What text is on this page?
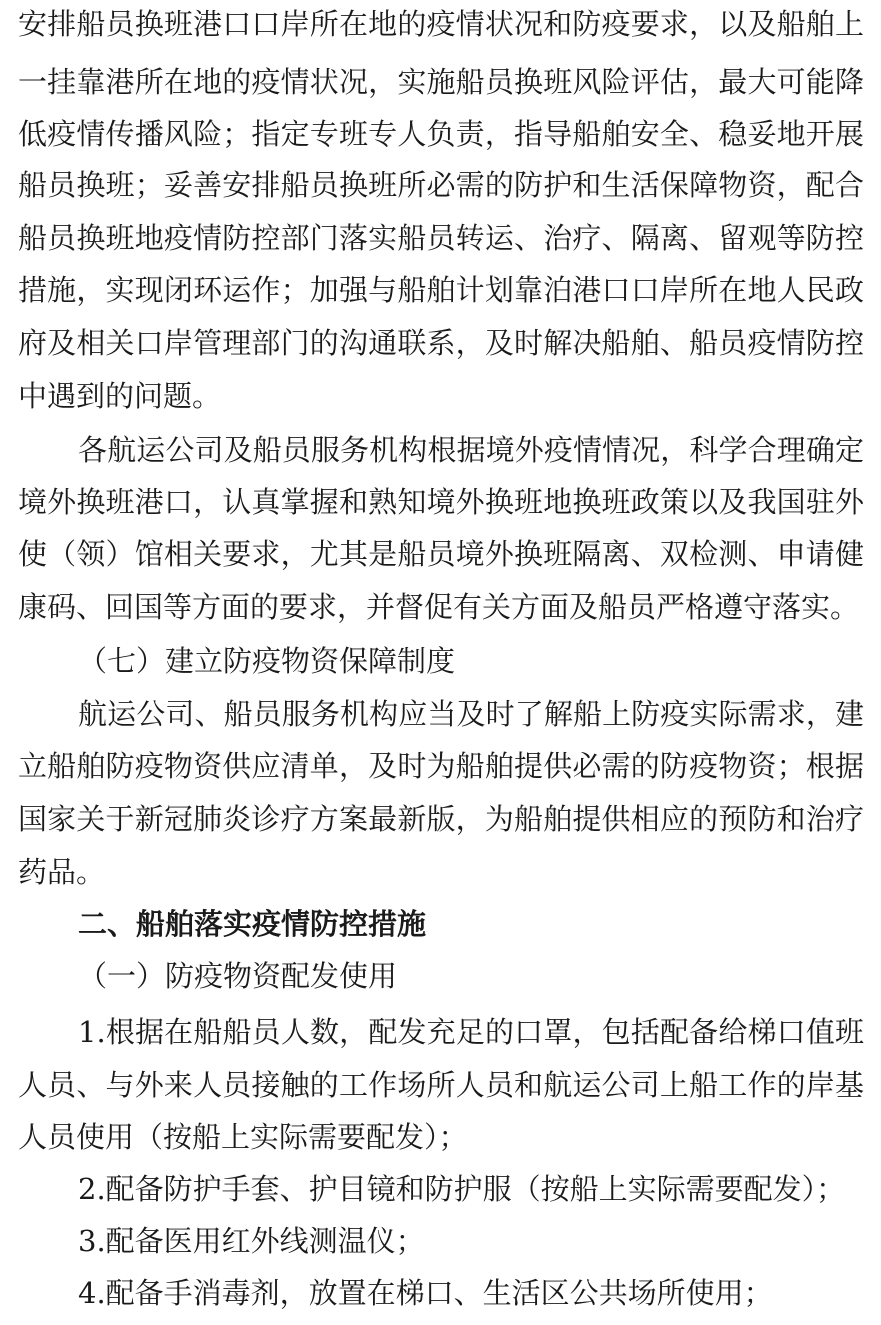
安排船员换班港口口岸所在地的疫情状况和防疫要求，以及船舶上
一挂靠港所在地的疫情状况，实施船员换班风险评估，最大可能降
低疫情传播风险；指定专班专人负责，指导船舶安全、稳妥地开展
船员换班；妥善安排船员换班所必需的防护和生活保障物资，配合
船员换班地疫情防控部门落实船员转运、治疗、隔离、留观等防控
措施，实现闭环运作；加强与船舶计划靠泊港口口岸所在地人民政
府及相关口岸管理部门的沟通联系，及时解决船舶、船员疫情防控
中遇到的问题。
各航运公司及船员服务机构根据境外疫情情况，科学合理确定
境外换班港口，认真掌握和熟知境外换班地换班政策以及我国驻外
使（领）馆相关要求，尤其是船员境外换班隔离、双检测、申请健
康码、回国等方面的要求，并督促有关方面及船员严格遵守落实。
（七）建立防疫物资保障制度
航运公司、船员服务机构应当及时了解船上防疫实际需求，建
立船舶防疫物资供应清单，及时为船舶提供必需的防疫物资；根据
国家关于新冠肺炎诊疗方案最新版，为船舶提供相应的预防和治疗
药品。
二、船舶落实疫情防控措施
（一）防疫物资配发使用
1.根据在船船员人数，配发充足的口罩，包括配备给梯口值班
人员、与外来人员接触的工作场所人员和航运公司上船工作的岸基
人员使用（按船上实际需要配发）；
2.配备防护手套、护目镜和防护服（按船上实际需要配发）；
3.配备医用红外线测温仪；
4.配备手消毒剂，放置在梯口、生活区公共场所使用；
